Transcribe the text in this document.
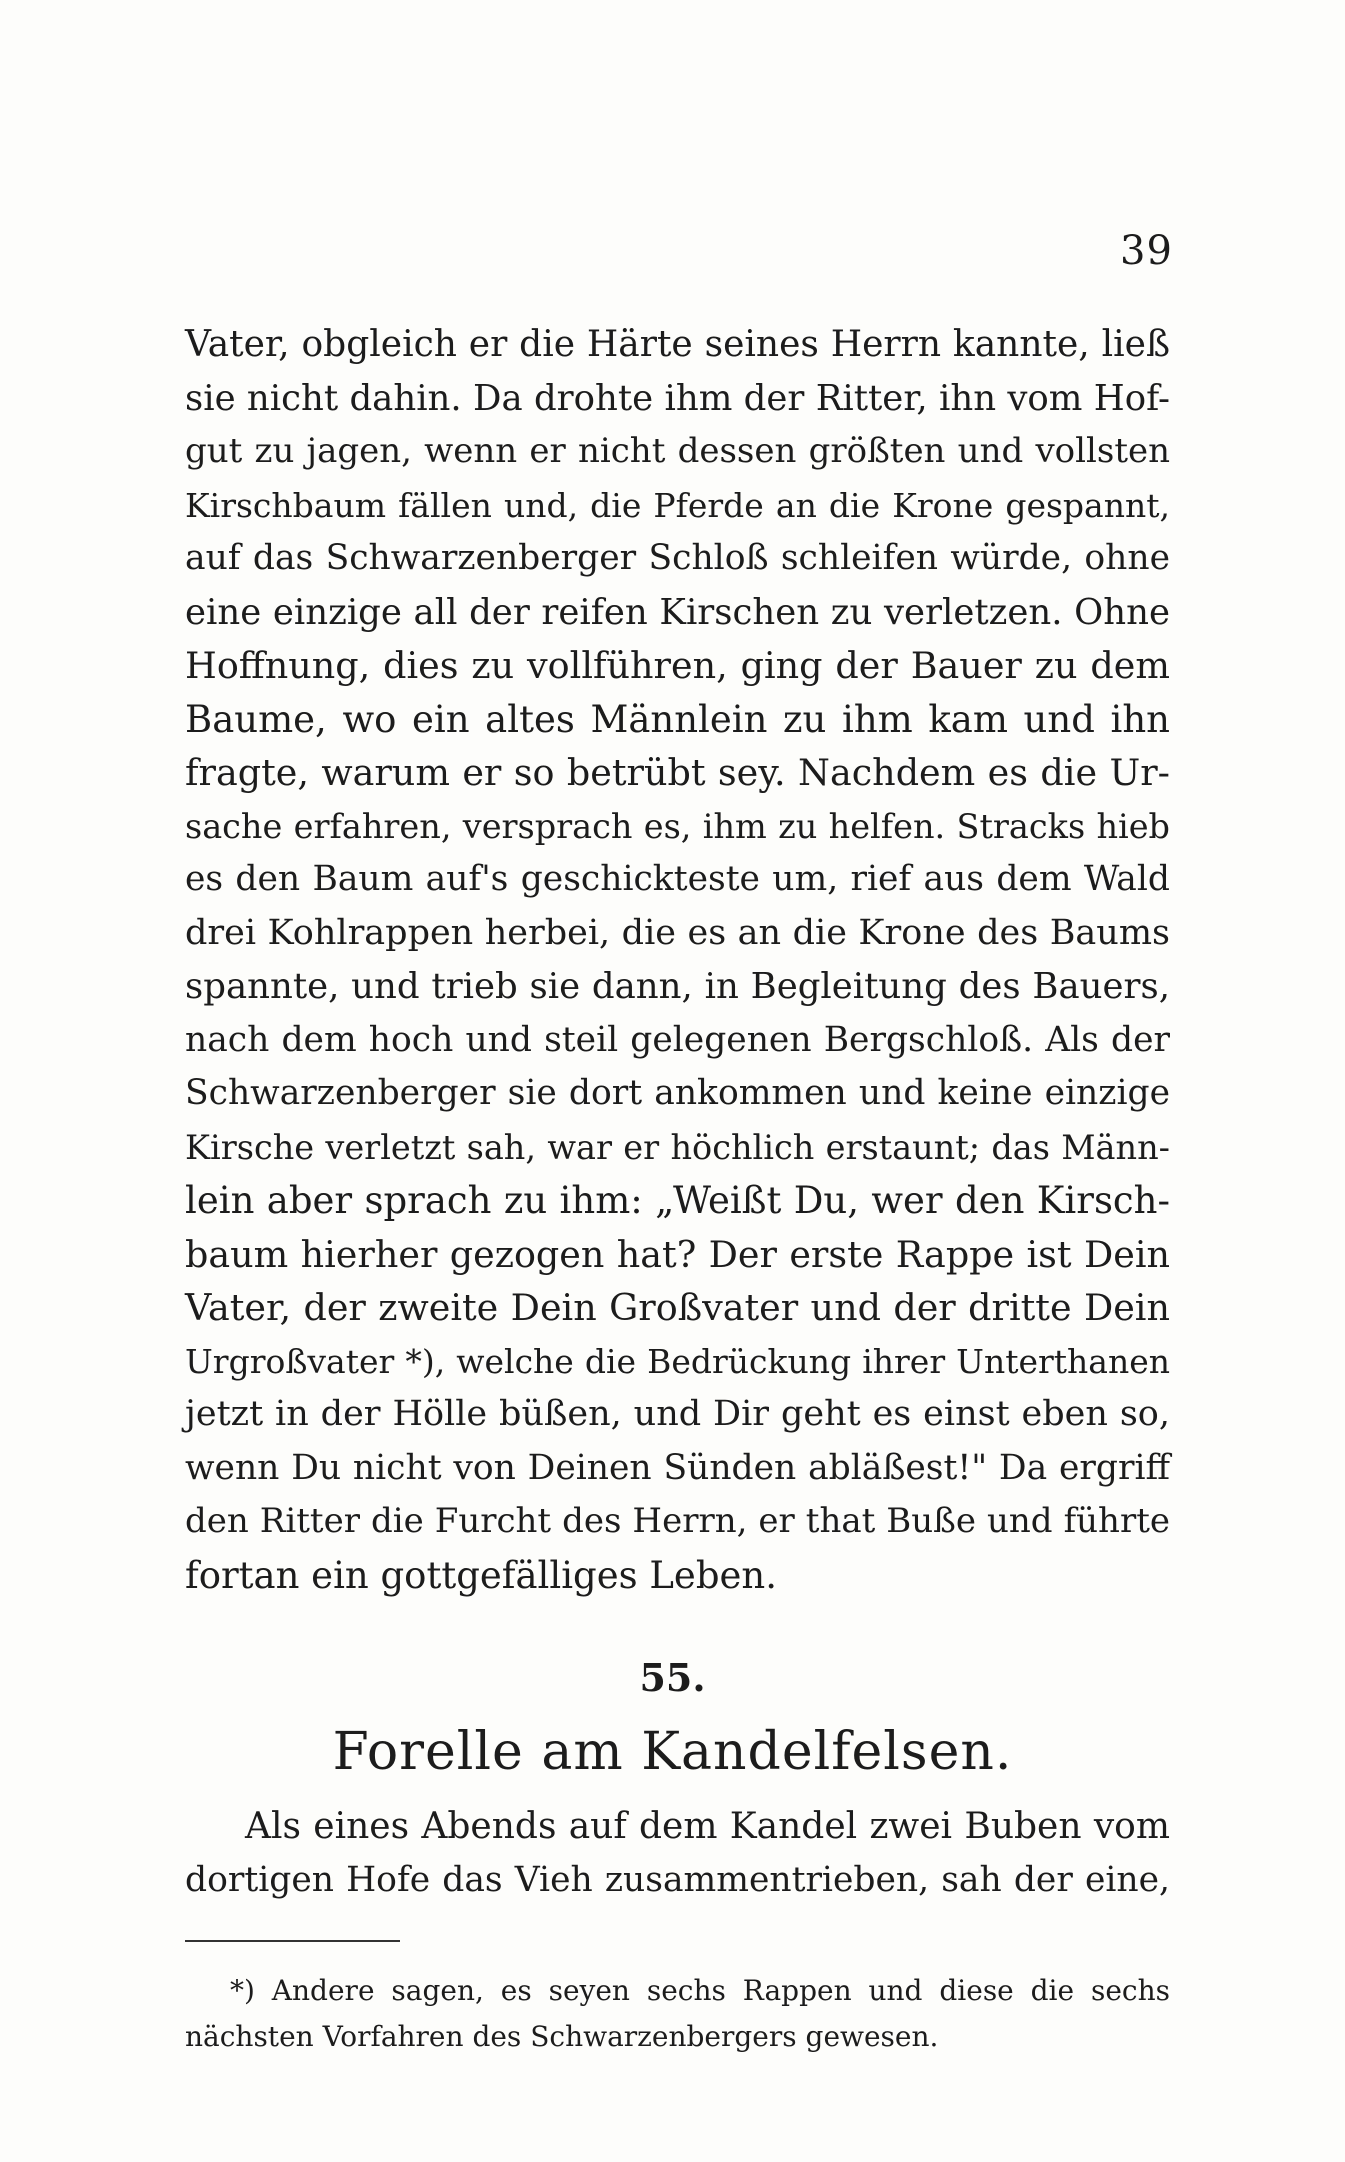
39
Vater, obgleich er die Härte seines Herrn kannte, ließ
sie nicht dahin. Da drohte ihm der Ritter, ihn vom Hof-
gut zu jagen, wenn er nicht dessen größten und vollsten
Kirschbaum fällen und, die Pferde an die Krone gespannt,
auf das Schwarzenberger Schloß schleifen würde, ohne
eine einzige all der reifen Kirschen zu verletzen. Ohne
Hoffnung, dies zu vollführen, ging der Bauer zu dem
Baume, wo ein altes Männlein zu ihm kam und ihn
fragte, warum er so betrübt sey. Nachdem es die Ur-
sache erfahren, versprach es, ihm zu helfen. Stracks hieb
es den Baum auf's geschickteste um, rief aus dem Wald
drei Kohlrappen herbei, die es an die Krone des Baums
spannte, und trieb sie dann, in Begleitung des Bauers,
nach dem hoch und steil gelegenen Bergschloß. Als der
Schwarzenberger sie dort ankommen und keine einzige
Kirsche verletzt sah, war er höchlich erstaunt; das Männ-
lein aber sprach zu ihm: „Weißt Du, wer den Kirsch-
baum hierher gezogen hat? Der erste Rappe ist Dein
Vater, der zweite Dein Großvater und der dritte Dein
Urgroßvater *), welche die Bedrückung ihrer Unterthanen
jetzt in der Hölle büßen, und Dir geht es einst eben so,
wenn Du nicht von Deinen Sünden abläßest!" Da ergriff
den Ritter die Furcht des Herrn, er that Buße und führte
fortan ein gottgefälliges Leben.
55.
Forelle am Kandelfelsen.
Als eines Abends auf dem Kandel zwei Buben vom
dortigen Hofe das Vieh zusammentrieben, sah der eine,
*) Andere sagen, es seyen sechs Rappen und diese die sechs
nächsten Vorfahren des Schwarzenbergers gewesen.
